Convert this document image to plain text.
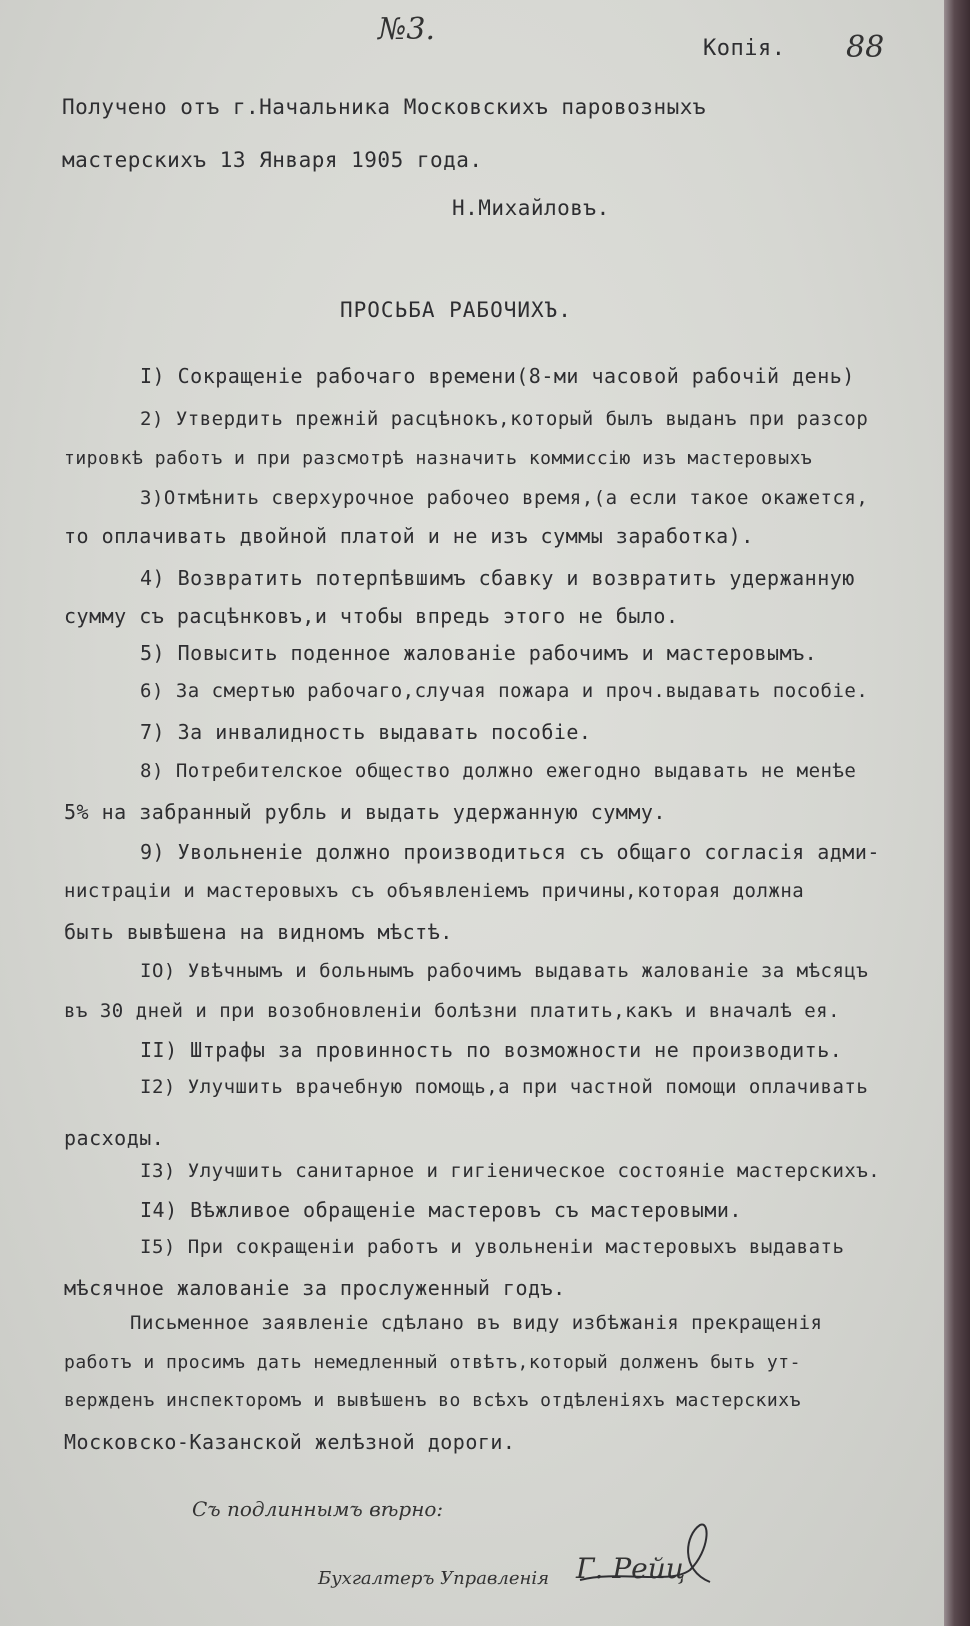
№3.
Копія. 88
Получено отъ г.Начальника Московскихъ паровозныхъ
мастерскихъ 13 Января 1905 года.
Н.Михайловъ.
ПРОСЬБА РАБОЧИХЪ.
I) Сокращеніе рабочаго времени(8-ми часовой рабочій день)
2) Утвердить прежній расцѣнокъ,который былъ выданъ при разсор
тировкѣ работъ и при разсмотрѣ назначить коммиссію изъ мастеровыхъ
3)Отмѣнить сверхурочное рабочео время,(а если такое окажется,
то оплачивать двойной платой и не изъ суммы заработка).
4) Возвратить потерпѣвшимъ сбавку и возвратить удержанную
сумму съ расцѣнковъ,и чтобы впредь этого не было.
5) Повысить поденное жалованіе рабочимъ и мастеровымъ.
6) За смертью рабочаго,случая пожара и проч.выдавать пособіе.
7) За инвалидность выдавать пособіе.
8) Потребителское общество должно ежегодно выдавать не менѣе
5% на забранный рубль и выдать удержанную сумму.
9) Увольненіе должно производиться съ общаго согласія адми-
нистраціи и мастеровыхъ съ объявленіемъ причины,которая должна
быть вывѣшена на видномъ мѣстѣ.
IO) Увѣчнымъ и больнымъ рабочимъ выдавать жалованіе за мѣсяцъ
въ 30 дней и при возобновленіи болѣзни платить,какъ и вначалѣ ея.
II) Штрафы за провинность по возможности не производить.
I2) Улучшить врачебную помощь,а при частной помощи оплачивать
расходы.
I3) Улучшить санитарное и гигіеническое состояніе мастерскихъ.
I4) Вѣжливое обращеніе мастеровъ съ мастеровыми.
I5) При сокращеніи работъ и увольненіи мастеровыхъ выдавать
мѣсячное жалованіе за прослуженный годъ.
Письменное заявленіе сдѣлано въ виду избѣжанія прекращенія
работъ и просимъ дать немедленный отвѣтъ,который долженъ быть ут-
вержденъ инспекторомъ и вывѣшенъ во всѣхъ отдѣленіяхъ мастерскихъ
Московско-Казанской желѣзной дороги.
Съ подлиннымъ вѣрно:
Бухгалтеръ Управленія Г. Рейц
